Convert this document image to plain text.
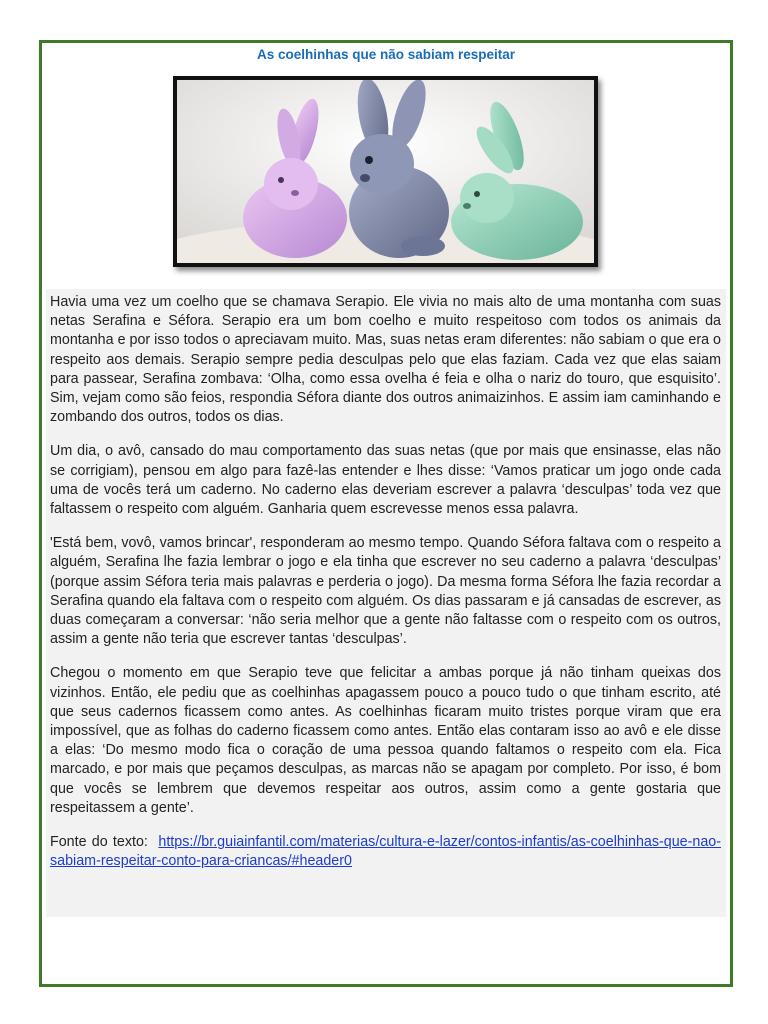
As coelhinhas que não sabiam respeitar

Havia uma vez um coelho que se chamava Serapio. Ele vivia no mais alto de uma montanha com suas netas Serafina e Séfora. Serapio era um bom coelho e muito respeitoso com todos os animais da montanha e por isso todos o apreciavam muito. Mas, suas netas eram diferentes: não sabiam o que era o respeito aos demais. Serapio sempre pedia desculpas pelo que elas faziam. Cada vez que elas saiam para passear, Serafina zombava: ‘Olha, como essa ovelha é feia e olha o nariz do touro, que esquisito’. Sim, vejam como são feios, respondia Séfora diante dos outros animaizinhos. E assim iam caminhando e zombando dos outros, todos os dias.

Um dia, o avô, cansado do mau comportamento das suas netas (que por mais que ensinasse, elas não se corrigiam), pensou em algo para fazê-las entender e lhes disse: ‘Vamos praticar um jogo onde cada uma de vocês terá um caderno. No caderno elas deveriam escrever a palavra ‘desculpas’ toda vez que faltassem o respeito com alguém. Ganharia quem escrevesse menos essa palavra.

'Está bem, vovô, vamos brincar', responderam ao mesmo tempo. Quando Séfora faltava com o respeito a alguém, Serafina lhe fazia lembrar o jogo e ela tinha que escrever no seu caderno a palavra ‘desculpas’ (porque assim Séfora teria mais palavras e perderia o jogo). Da mesma forma Séfora lhe fazia recordar a Serafina quando ela faltava com o respeito com alguém. Os dias passaram e já cansadas de escrever, as duas começaram a conversar: ‘não seria melhor que a gente não faltasse com o respeito com os outros, assim a gente não teria que escrever tantas ‘desculpas’.

Chegou o momento em que Serapio teve que felicitar a ambas porque já não tinham queixas dos vizinhos. Então, ele pediu que as coelhinhas apagassem pouco a pouco tudo o que tinham escrito, até que seus cadernos ficassem como antes. As coelhinhas ficaram muito tristes porque viram que era impossível, que as folhas do caderno ficassem como antes. Então elas contaram isso ao avô e ele disse a elas: ‘Do mesmo modo fica o coração de uma pessoa quando faltamos o respeito com ela. Fica marcado, e por mais que peçamos desculpas, as marcas não se apagam por completo. Por isso, é bom que vocês se lembrem que devemos respeitar aos outros, assim como a gente gostaria que respeitassem a gente’.

Fonte do texto: https://br.guiainfantil.com/materias/cultura-e-lazer/contos-infantis/as-coelhinhas-que-nao-sabiam-respeitar-conto-para-criancas/#header0
